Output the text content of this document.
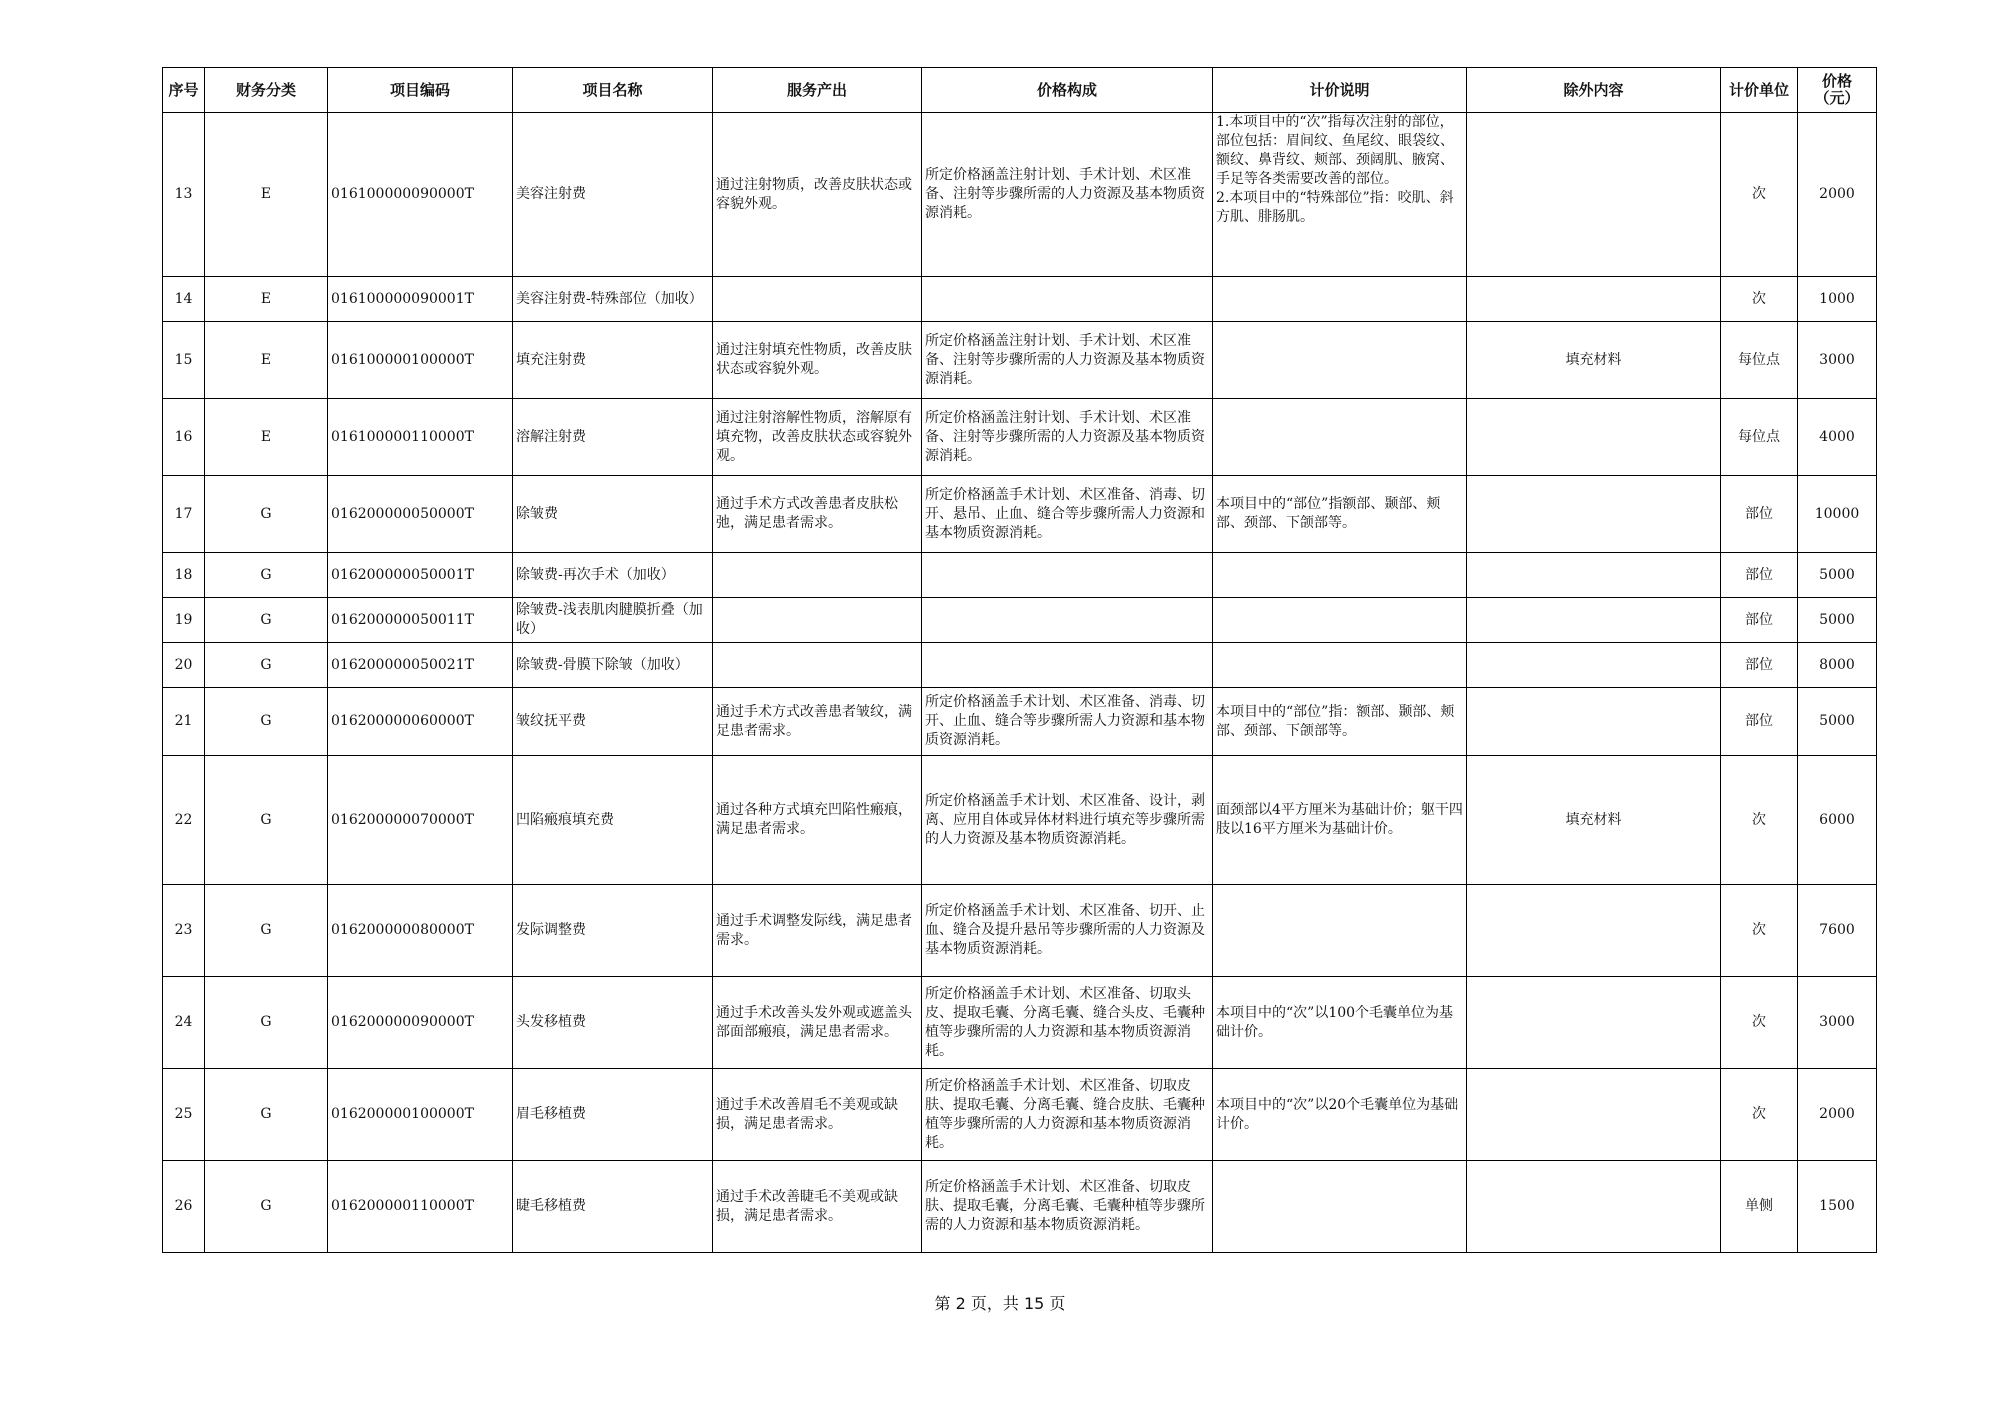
序号	财务分类	项目编码	项目名称	服务产出	价格构成	计价说明	除外内容	计价单位	价格
（元）

13	E	016100000090000T	美容注射费	通过注射物质，改善皮肤状态或容貌外观。	所定价格涵盖注射计划、手术计划、术区准备、注射等步骤所需的人力资源及基本物质资源消耗。	1.本项目中的“次”指每次注射的部位，部位包括：眉间纹、鱼尾纹、眼袋纹、额纹、鼻背纹、颊部、颈阔肌、腋窝、手足等各类需要改善的部位。
2.本项目中的“特殊部位”指：咬肌、斜方肌、腓肠肌。		次	2000
14	E	016100000090001T	美容注射费-特殊部位（加收）					次	1000
15	E	016100000100000T	填充注射费	通过注射填充性物质，改善皮肤状态或容貌外观。	所定价格涵盖注射计划、手术计划、术区准备、注射等步骤所需的人力资源及基本物质资源消耗。		填充材料	每位点	3000
16	E	016100000110000T	溶解注射费	通过注射溶解性物质，溶解原有填充物，改善皮肤状态或容貌外观。	所定价格涵盖注射计划、手术计划、术区准备、注射等步骤所需的人力资源及基本物质资源消耗。			每位点	4000
17	G	016200000050000T	除皱费	通过手术方式改善患者皮肤松弛，满足患者需求。	所定价格涵盖手术计划、术区准备、消毒、切开、悬吊、止血、缝合等步骤所需人力资源和基本物质资源消耗。	本项目中的“部位”指额部、颞部、颊部、颈部、下颌部等。		部位	10000
18	G	016200000050001T	除皱费-再次手术（加收）					部位	5000
19	G	016200000050011T	除皱费-浅表肌肉腱膜折叠（加收）					部位	5000
20	G	016200000050021T	除皱费-骨膜下除皱（加收）					部位	8000
21	G	016200000060000T	皱纹抚平费	通过手术方式改善患者皱纹，满足患者需求。	所定价格涵盖手术计划、术区准备、消毒、切开、止血、缝合等步骤所需人力资源和基本物质资源消耗。	本项目中的“部位”指：额部、颞部、颊部、颈部、下颌部等。		部位	5000
22	G	016200000070000T	凹陷瘢痕填充费	通过各种方式填充凹陷性瘢痕，满足患者需求。	所定价格涵盖手术计划、术区准备、设计，剥离、应用自体或异体材料进行填充等步骤所需的人力资源及基本物质资源消耗。	面颈部以4平方厘米为基础计价；躯干四肢以16平方厘米为基础计价。	填充材料	次	6000
23	G	016200000080000T	发际调整费	通过手术调整发际线，满足患者需求。	所定价格涵盖手术计划、术区准备、切开、止血、缝合及提升悬吊等步骤所需的人力资源及基本物质资源消耗。			次	7600
24	G	016200000090000T	头发移植费	通过手术改善头发外观或遮盖头部面部瘢痕，满足患者需求。	所定价格涵盖手术计划、术区准备、切取头皮、提取毛囊、分离毛囊、缝合头皮、毛囊种植等步骤所需的人力资源和基本物质资源消耗。	本项目中的“次”以100个毛囊单位为基础计价。		次	3000
25	G	016200000100000T	眉毛移植费	通过手术改善眉毛不美观或缺损，满足患者需求。	所定价格涵盖手术计划、术区准备、切取皮肤、提取毛囊、分离毛囊、缝合皮肤、毛囊种植等步骤所需的人力资源和基本物质资源消耗。	本项目中的“次”以20个毛囊单位为基础计价。		次	2000
26	G	016200000110000T	睫毛移植费	通过手术改善睫毛不美观或缺损，满足患者需求。	所定价格涵盖手术计划、术区准备、切取皮肤、提取毛囊，分离毛囊、毛囊种植等步骤所需的人力资源和基本物质资源消耗。			单侧	1500
第 2 页，共 15 页
